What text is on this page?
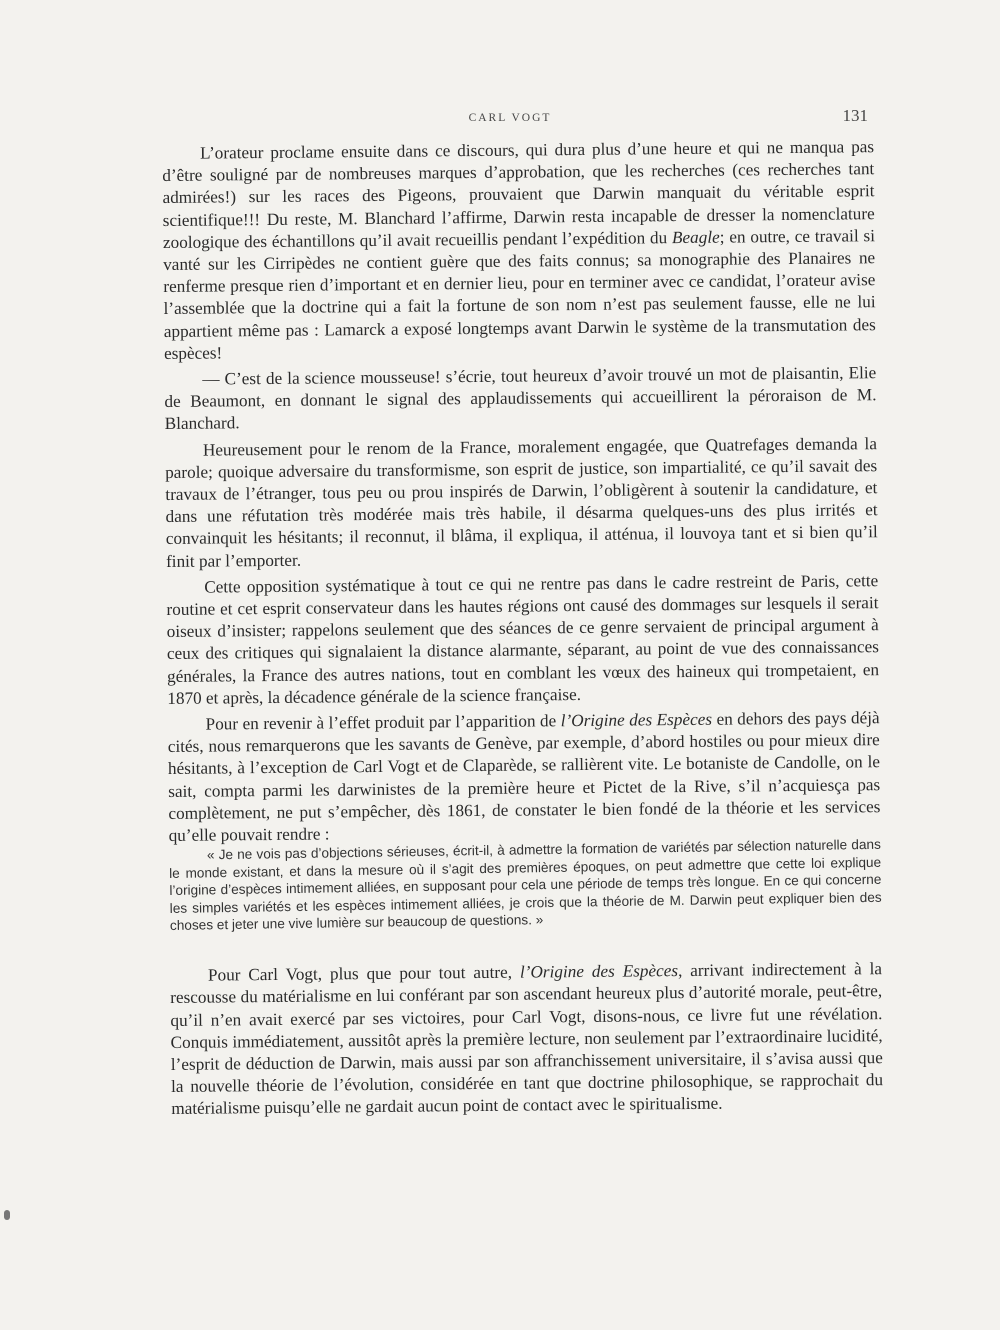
CARL VOGT	131

L’orateur proclame ensuite dans ce discours, qui dura plus d’une heure et qui ne manqua pas d’être souligné par de nombreuses marques d’approbation, que les recherches (ces recherches tant admirées!) sur les races des Pigeons, prouvaient que Darwin manquait du véritable esprit scientifique!!! Du reste, M. Blanchard l’affirme, Darwin resta incapable de dresser la nomenclature zoologique des échantillons qu’il avait recueillis pendant l’expédition du Beagle; en outre, ce travail si vanté sur les Cirripèdes ne contient guère que des faits connus; sa monographie des Planaires ne renferme presque rien d’important et en dernier lieu, pour en terminer avec ce candidat, l’orateur avise l’assemblée que la doctrine qui a fait la fortune de son nom n’est pas seulement fausse, elle ne lui appartient même pas : Lamarck a exposé longtemps avant Darwin le système de la transmutation des espèces!

— C’est de la science mousseuse! s’écrie, tout heureux d’avoir trouvé un mot de plaisantin, Elie de Beaumont, en donnant le signal des applaudissements qui accueillirent la péroraison de M. Blanchard.

Heureusement pour le renom de la France, moralement engagée, que Quatrefages demanda la parole; quoique adversaire du transformisme, son esprit de justice, son impartialité, ce qu’il savait des travaux de l’étranger, tous peu ou prou inspirés de Darwin, l’obligèrent à soutenir la candidature, et dans une réfutation très modérée mais très habile, il désarma quelques-uns des plus irrités et convainquit les hésitants; il reconnut, il blâma, il expliqua, il atténua, il louvoya tant et si bien qu’il finit par l’emporter.

Cette opposition systématique à tout ce qui ne rentre pas dans le cadre restreint de Paris, cette routine et cet esprit conservateur dans les hautes régions ont causé des dommages sur lesquels il serait oiseux d’insister; rappelons seulement que des séances de ce genre servaient de principal argument à ceux des critiques qui signalaient la distance alarmante, séparant, au point de vue des connaissances générales, la France des autres nations, tout en comblant les vœux des haineux qui trompetaient, en 1870 et après, la décadence générale de la science française.

Pour en revenir à l’effet produit par l’apparition de l’Origine des Espèces en dehors des pays déjà cités, nous remarquerons que les savants de Genève, par exemple, d’abord hostiles ou pour mieux dire hésitants, à l’exception de Carl Vogt et de Claparède, se rallièrent vite. Le botaniste de Candolle, on le sait, compta parmi les darwinistes de la première heure et Pictet de la Rive, s’il n’acquiesça pas complètement, ne put s’empêcher, dès 1861, de constater le bien fondé de la théorie et les services qu’elle pouvait rendre :

« Je ne vois pas d’objections sérieuses, écrit-il, à admettre la formation de variétés par sélection naturelle dans le monde existant, et dans la mesure où il s’agit des premières époques, on peut admettre que cette loi explique l’origine d’espèces intimement alliées, en supposant pour cela une période de temps très longue. En ce qui concerne les simples variétés et les espèces intimement alliées, je crois que la théorie de M. Darwin peut expliquer bien des choses et jeter une vive lumière sur beaucoup de questions. »

Pour Carl Vogt, plus que pour tout autre, l’Origine des Espèces, arrivant indirectement à la rescousse du matérialisme en lui conférant par son ascendant heureux plus d’autorité morale, peut-être, qu’il n’en avait exercé par ses victoires, pour Carl Vogt, disons-nous, ce livre fut une révélation. Conquis immédiatement, aussitôt après la première lecture, non seulement par l’extraordinaire lucidité, l’esprit de déduction de Darwin, mais aussi par son affranchissement universitaire, il s’avisa aussi que la nouvelle théorie de l’évolution, considérée en tant que doctrine philosophique, se rapprochait du matérialisme puisqu’elle ne gardait aucun point de contact avec le spiritualisme.
